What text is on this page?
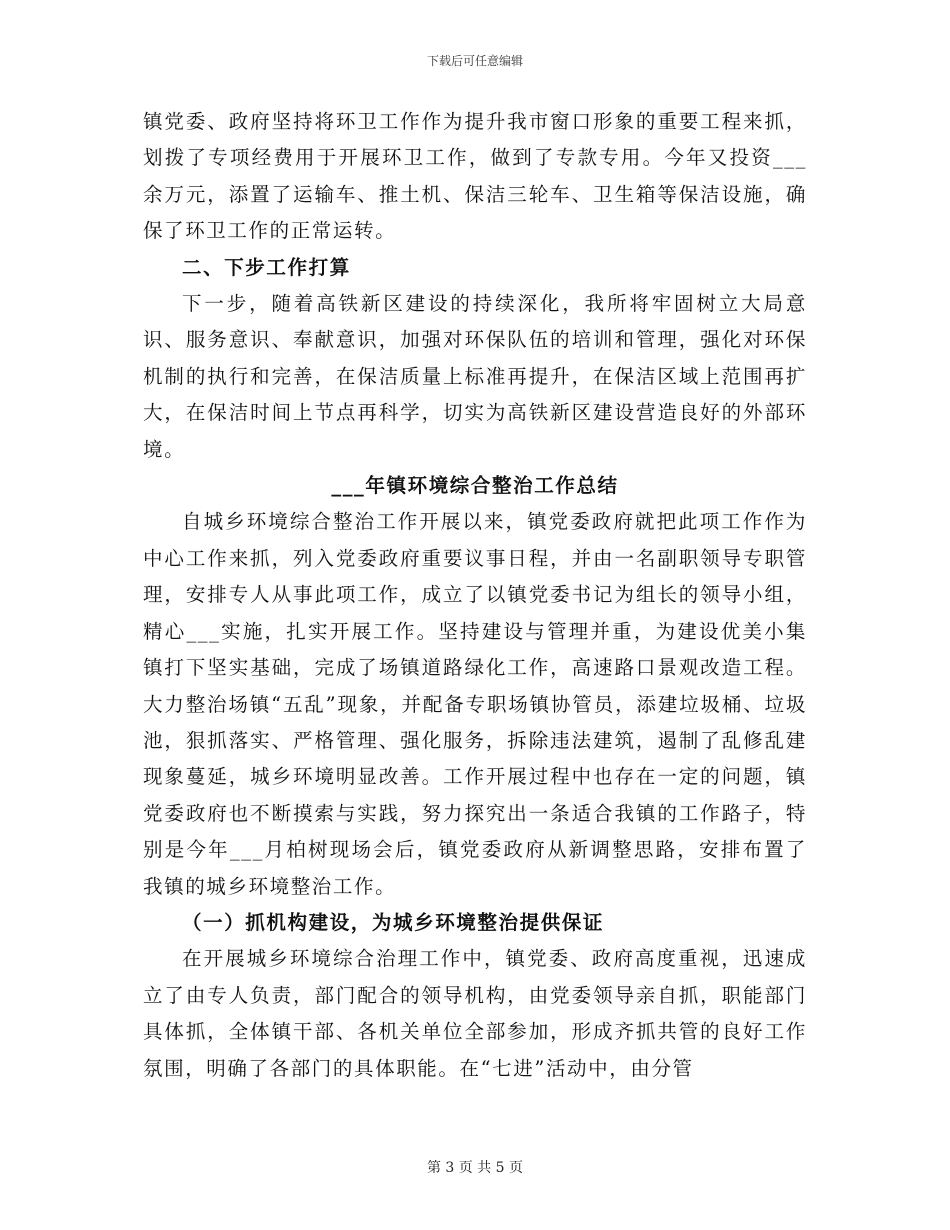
下载后可任意编辑

镇党委、政府坚持将环卫工作作为提升我市窗口形象的重要工程来抓，划拨了专项经费用于开展环卫工作，做到了专款专用。今年又投资___余万元，添置了运输车、推土机、保洁三轮车、卫生箱等保洁设施，确保了环卫工作的正常运转。

二、下步工作打算

下一步，随着高铁新区建设的持续深化，我所将牢固树立大局意识、服务意识、奉献意识，加强对环保队伍的培训和管理，强化对环保机制的执行和完善，在保洁质量上标准再提升，在保洁区域上范围再扩大，在保洁时间上节点再科学，切实为高铁新区建设营造良好的外部环境。

___年镇环境综合整治工作总结

自城乡环境综合整治工作开展以来，镇党委政府就把此项工作作为中心工作来抓，列入党委政府重要议事日程，并由一名副职领导专职管理，安排专人从事此项工作，成立了以镇党委书记为组长的领导小组，精心___实施，扎实开展工作。坚持建设与管理并重，为建设优美小集镇打下坚实基础，完成了场镇道路绿化工作，高速路口景观改造工程。大力整治场镇“五乱”现象，并配备专职场镇协管员，添建垃圾桶、垃圾池，狠抓落实、严格管理、强化服务，拆除违法建筑，遏制了乱修乱建现象蔓延，城乡环境明显改善。工作开展过程中也存在一定的问题，镇党委政府也不断摸索与实践，努力探究出一条适合我镇的工作路子，特别是今年___月柏树现场会后，镇党委政府从新调整思路，安排布置了我镇的城乡环境整治工作。

（一）抓机构建设，为城乡环境整治提供保证

在开展城乡环境综合治理工作中，镇党委、政府高度重视，迅速成立了由专人负责，部门配合的领导机构，由党委领导亲自抓，职能部门具体抓，全体镇干部、各机关单位全部参加，形成齐抓共管的良好工作氛围，明确了各部门的具体职能。在“七进”活动中，由分管

第 3 页 共 5 页
